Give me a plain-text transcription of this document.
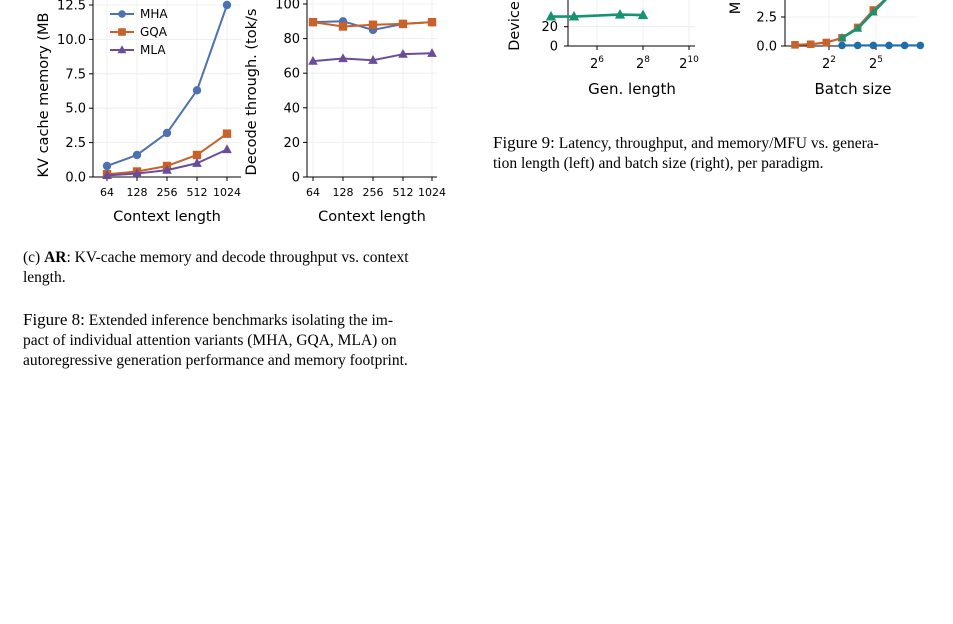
0.0
2.5
5.0
7.5
10.0
12.5
64 128 256 512 1024
Context length
KV cache memory (MB	MHA
GQA
MLA
0
20
40
60
80
100
64 128 256 512 1024
Context length
Decode through. (tok/s	0
20
$2^6$ $2^8$ $2^{10}$
Gen. length
Device	0.0
2.5
$2^2$	$2^5$
Batch size
M
(c) AR: KV-cache memory and decode throughput vs. context
length.
Figure 8: Extended inference benchmarks isolating the im-
pact of individual attention variants (MHA, GQA, MLA) on
autoregressive generation performance and memory footprint.
Figure 9: Latency, throughput, and memory/MFU vs. genera-
tion length (left) and batch size (right), per paradigm.
